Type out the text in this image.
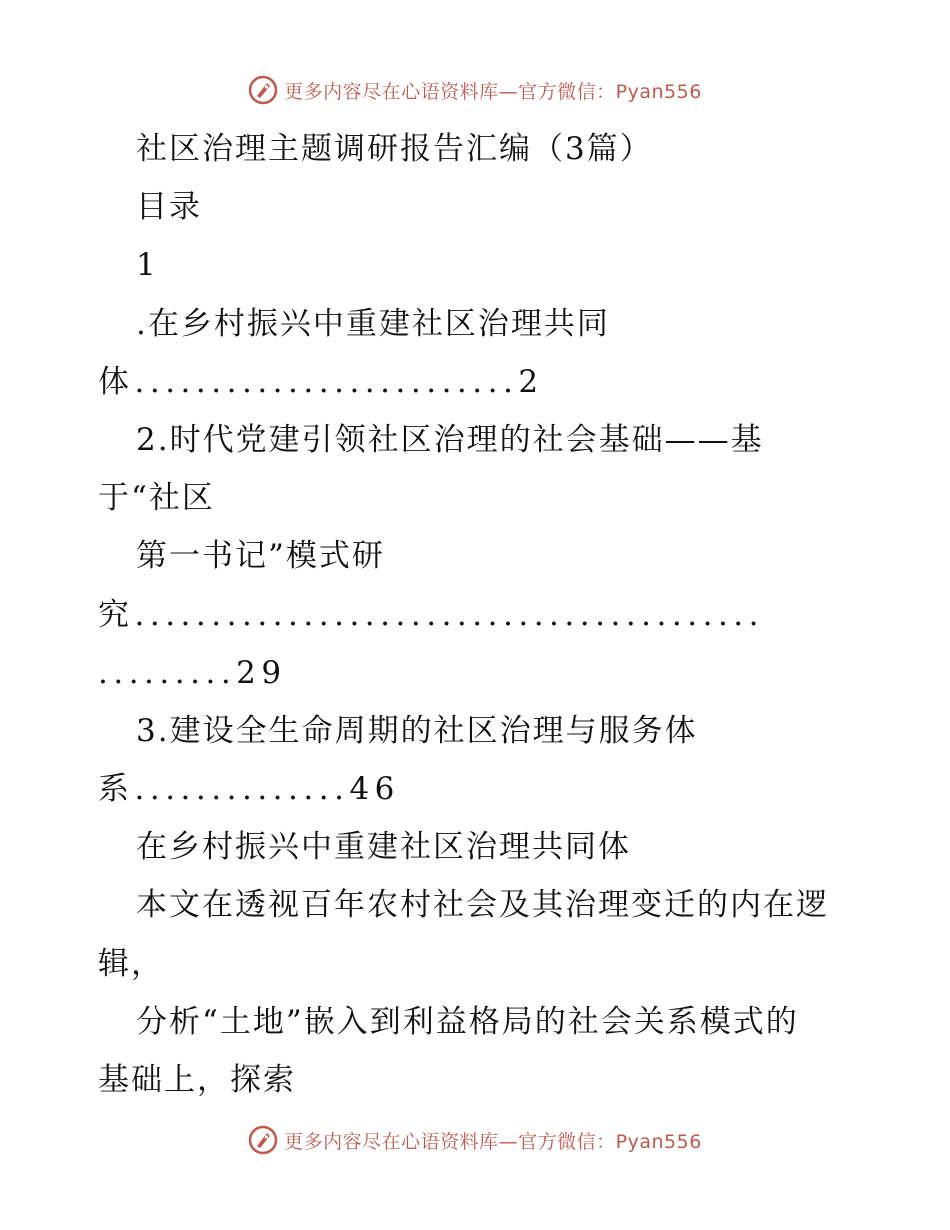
更多内容尽在心语资料库—官方微信：Pyan556
社区治理主题调研报告汇编（3篇）
目录
1
.在乡村振兴中重建社区治理共同
体.........................2
2.时代党建引领社区治理的社会基础——基
于“社区
第一书记”模式研
究.........................................
.........29
3.建设全生命周期的社区治理与服务体
系..............46
在乡村振兴中重建社区治理共同体
本文在透视百年农村社会及其治理变迁的内在逻
辑，
分析“土地”嵌入到利益格局的社会关系模式的
基础上，探索
更多内容尽在心语资料库—官方微信：Pyan556
